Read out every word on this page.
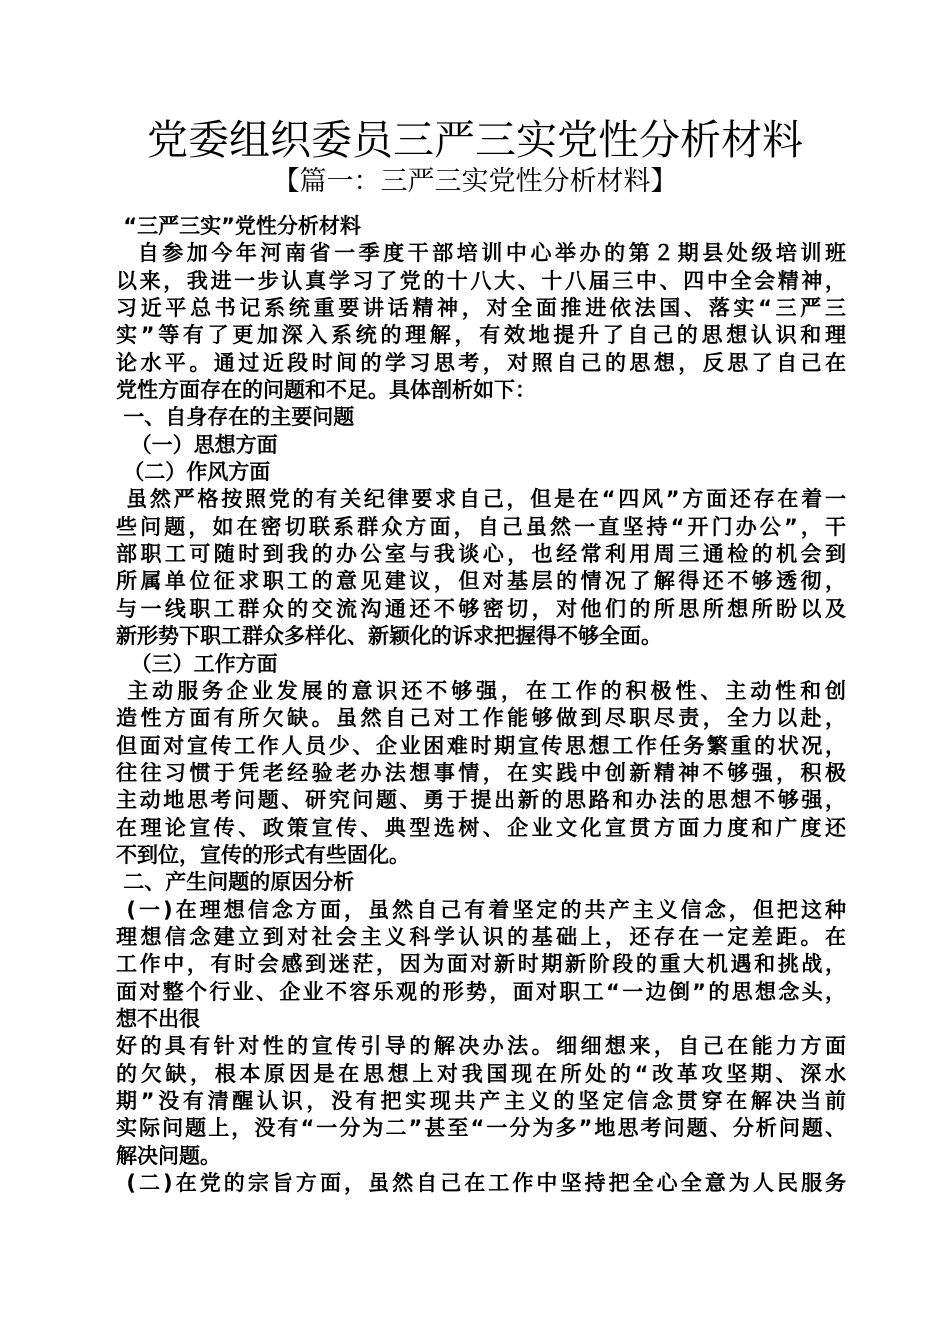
党委组织委员三严三实党性分析材料
【篇一：三严三实党性分析材料】
“三严三实”党性分析材料
自参加今年河南省一季度干部培训中心举办的第２期县处级培训班
以来，我进一步认真学习了党的十八大、十八届三中、四中全会精神，
习近平总书记系统重要讲话精神，对全面推进依法国、落实“三严三
实”等有了更加深入系统的理解，有效地提升了自己的思想认识和理
论水平。通过近段时间的学习思考，对照自己的思想，反思了自己在
党性方面存在的问题和不足。具体剖析如下：
一、自身存在的主要问题
（一）思想方面
（二）作风方面
虽然严格按照党的有关纪律要求自己，但是在“四风”方面还存在着一
些问题，如在密切联系群众方面，自己虽然一直坚持“开门办公”，干
部职工可随时到我的办公室与我谈心，也经常利用周三通检的机会到
所属单位征求职工的意见建议，但对基层的情况了解得还不够透彻，
与一线职工群众的交流沟通还不够密切，对他们的所思所想所盼以及
新形势下职工群众多样化、新颖化的诉求把握得不够全面。
（三）工作方面
主动服务企业发展的意识还不够强，在工作的积极性、主动性和创
造性方面有所欠缺。虽然自己对工作能够做到尽职尽责，全力以赴，
但面对宣传工作人员少、企业困难时期宣传思想工作任务繁重的状况，
往往习惯于凭老经验老办法想事情，在实践中创新精神不够强，积极
主动地思考问题、研究问题、勇于提出新的思路和办法的思想不够强，
在理论宣传、政策宣传、典型选树、企业文化宣贯方面力度和广度还
不到位，宣传的形式有些固化。
二、产生问题的原因分析
(一)在理想信念方面，虽然自己有着坚定的共产主义信念，但把这种
理想信念建立到对社会主义科学认识的基础上，还存在一定差距。在
工作中，有时会感到迷茫，因为面对新时期新阶段的重大机遇和挑战，
面对整个行业、企业不容乐观的形势，面对职工“一边倒”的思想念头，
想不出很
好的具有针对性的宣传引导的解决办法。细细想来，自己在能力方面
的欠缺，根本原因是在思想上对我国现在所处的“改革攻坚期、深水
期”没有清醒认识，没有把实现共产主义的坚定信念贯穿在解决当前
实际问题上，没有“一分为二”甚至“一分为多”地思考问题、分析问题、
解决问题。
(二)在党的宗旨方面，虽然自己在工作中坚持把全心全意为人民服务
